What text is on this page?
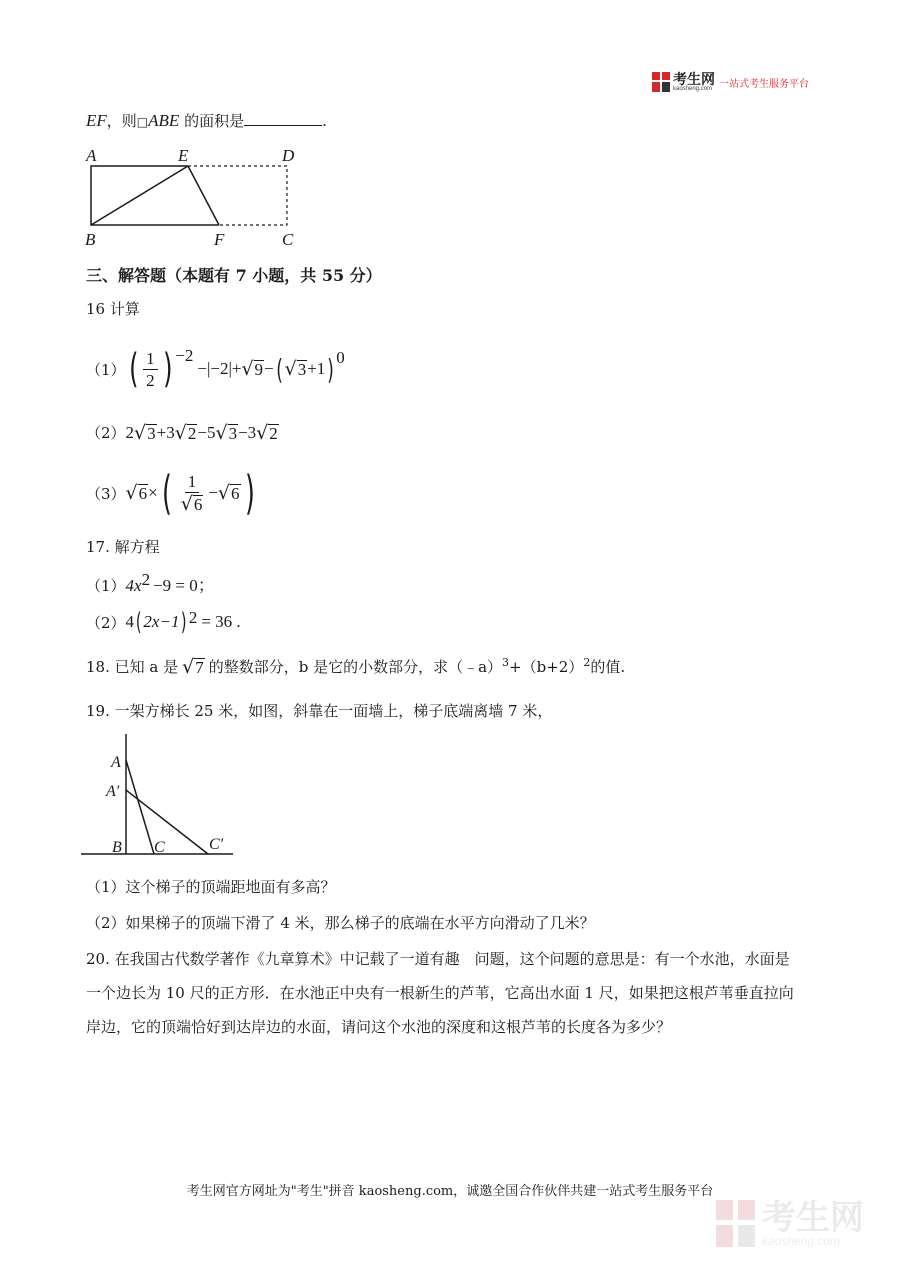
考生网
kaosheng.com 一站式考生服务平台
EF，则□ABE 的面积是	.
A	E	D
B	F	C
三、解答题（本题有 7 小题，共 55 分）
16 计算
（1） ( $\frac{1}{2}$ ) −2
−|−2| + √ 9 − ( √ 3 +1 ) 0
（2） 2 √ 3 +3 √ 2 −5 √ 3 −3 √ 2
（3） √ 6 × ( $\frac{1}{√ 6}$ − √ 6 )
17. 解方程
$(1)4x^2 -9 = 0$；
（2） 4 ( 2x−1 ) 2 = 36 .
18. 已知 a 是 √ 7 的整数部分，b 是它的小数部分，求（﹣a）$^3$ $+(b+2)^2$ 的值.
19. 一架方梯长 25 米，如图，斜靠在一面墙上，梯子底端离墙 7 米，
A
A′
B C	C′
（1）这个梯子的顶端距地面有多高？
（2）如果梯子的顶端下滑了 4 米，那么梯子的底端在水平方向滑动了几米？
20. 在我国古代数学著作《九章算术》中记载了一道有趣　问题，这个问题的意思是：有一个水池，水面是
一个边长为 10 尺的正方形．在水池正中央有一根新生的芦苇，它高出水面 1 尺，如果把这根芦苇垂直拉向
岸边，它的顶端恰好到达岸边的水面，请问这个水池的深度和这根芦苇的长度各为多少？
考生网官方网址为"考生"拼音 kaosheng.com，诚邀全国合作伙伴共建一站式考生服务平台
考生网
kaosheng.com
